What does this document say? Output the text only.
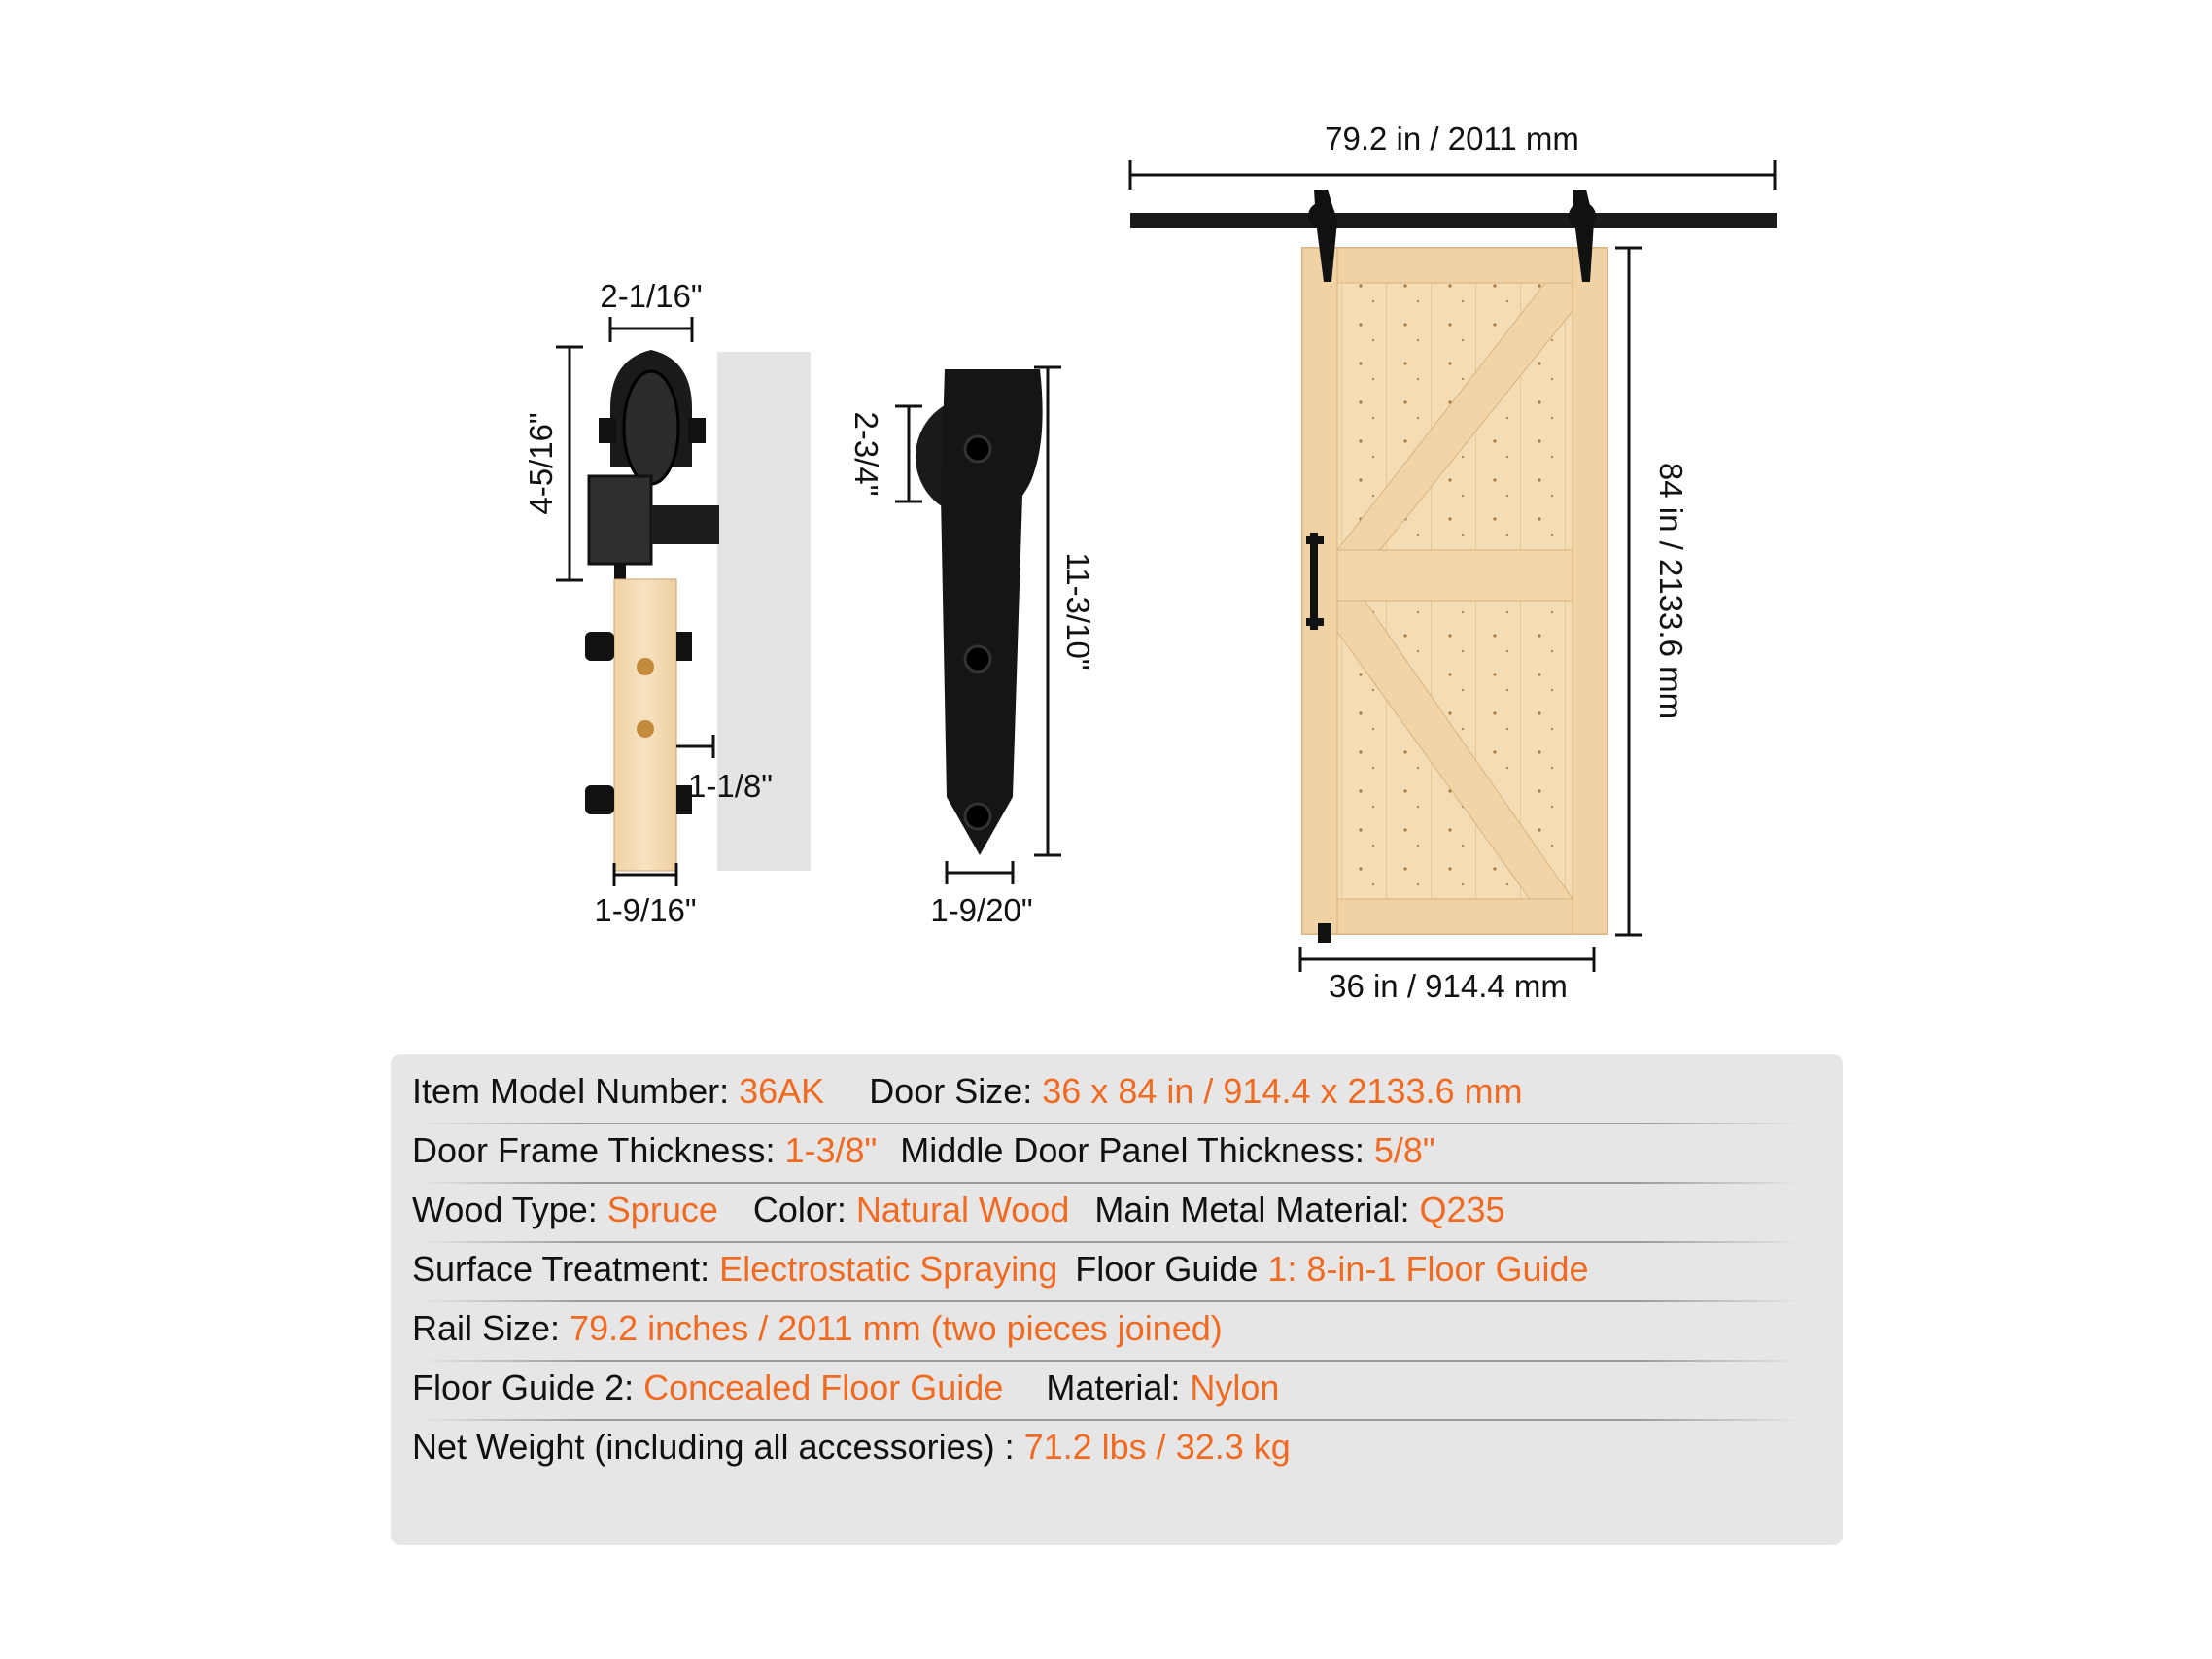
79.2 in / 2011 mm
84 in / 2133.6 mm
36 in / 914.4 mm
2-1/16"
4-5/16"
1-1/8"
1-9/16"
2-3/4"
11-3/10"
1-9/20"
Item Model Number: 36AK Door Size: 36 x 84 in / 914.4 x 2133.6 mm
Door Frame Thickness: 1-3/8" Middle Door Panel Thickness: 5/8"
Wood Type: Spruce Color: Natural Wood Main Metal Material: Q235
Surface Treatment: Electrostatic Spraying Floor Guide 1: 8-in-1 Floor Guide
Rail Size: 79.2 inches / 2011 mm (two pieces joined)
Floor Guide 2: Concealed Floor Guide Material: Nylon
Net Weight (including all accessories) : 71.2 lbs / 32.3 kg
